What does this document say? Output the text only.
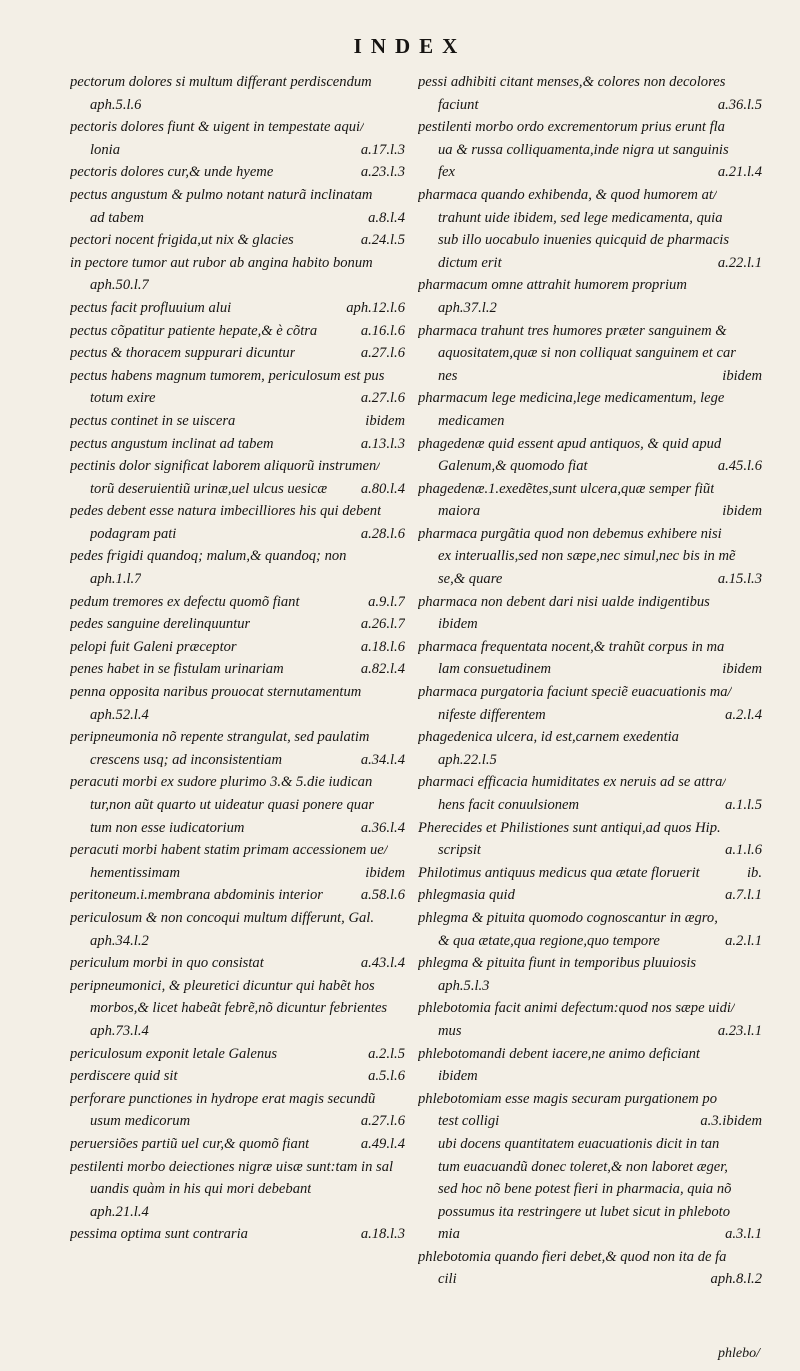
INDEX
pectorum dolores si multum differant perdiscendum
aph.5.l.6
pectoris dolores fiunt & uigent in tempestate aqui/
lonia	a.17.l.3
pectoris dolores cur,& unde hyeme	a.23.l.3
pectus angustum & pulmo notant naturã inclinatam
ad tabem	a.8.l.4
pectori nocent frigida,ut nix & glacies	a.24.l.5
in pectore tumor aut rubor ab angina habito bonum
aph.50.l.7
pectus facit profluuium alui	aph.12.l.6
pectus cõpatitur patiente hepate,& è cõtra	a.16.l.6
pectus & thoracem suppurari dicuntur	a.27.l.6
pectus habens magnum tumorem, periculosum est pus
totum exire	a.27.l.6
pectus continet in se uiscera	ibidem
pectus angustum inclinat ad tabem	a.13.l.3
pectinis dolor significat laborem aliquorũ instrumen/
torũ deseruientiũ urinæ,uel ulcus uesicæ	a.80.l.4
pedes debent esse natura imbecilliores his qui debent
podagram pati	a.28.l.6
pedes frigidi quandoq; malum,& quandoq; non
aph.1.l.7
pedum tremores ex defectu quomõ fiant	a.9.l.7
pedes sanguine derelinquuntur	a.26.l.7
pelopi fuit Galeni præceptor	a.18.l.6
penes habet in se fistulam urinariam	a.82.l.4
penna opposita naribus prouocat sternutamentum
aph.52.l.4
peripneumonia nõ repente strangulat, sed paulatim
crescens usq; ad inconsistentiam	a.34.l.4
peracuti morbi ex sudore plurimo 3.& 5.die iudican
tur,non aũt quarto ut uideatur quasi ponere quar
tum non esse iudicatorium	a.36.l.4
peracuti morbi habent statim primam accessionem ue/
hementissimam	ibidem
peritoneum.i.membrana abdominis interior	a.58.l.6
periculosum & non concoqui multum differunt, Gal.
aph.34.l.2
periculum morbi in quo consistat	a.43.l.4
peripneumonici, & pleuretici dicuntur qui habẽt hos
morbos,& licet habeãt febrẽ,nõ dicuntur febrientes
aph.73.l.4
periculosum exponit letale Galenus	a.2.l.5
perdiscere quid sit	a.5.l.6
perforare punctiones in hydrope erat magis secundũ
usum medicorum	a.27.l.6
peruersiões partiũ uel cur,& quomõ fiant	a.49.l.4
pestilenti morbo deiectiones nigræ uisæ sunt:tam in sal
uandis quàm in his qui mori debebant
aph.21.l.4
pessima optima sunt contraria	a.18.l.3
pessi adhibiti citant menses,& colores non decolores
faciunt	a.36.l.5
pestilenti morbo ordo excrementorum prius erunt fla
ua & russa colliquamenta,inde nigra ut sanguinis
fex	a.21.l.4
pharmaca quando exhibenda, & quod humorem at/
trahunt uide ibidem, sed lege medicamenta, quia
sub illo uocabulo inuenies quicquid de pharmacis
dictum erit	a.22.l.1
pharmacum omne attrahit humorem proprium
aph.37.l.2
pharmaca trahunt tres humores præter sanguinem &
aquositatem,quæ si non colliquat sanguinem et car
nes	ibidem
pharmacum lege medicina,lege medicamentum, lege
medicamen
phagedenæ quid essent apud antiquos, & quid apud
Galenum,& quomodo fiat	a.45.l.6
phagedenæ.1.exedẽtes,sunt ulcera,quæ semper fiũt
maiora	ibidem
pharmaca purgãtia quod non debemus exhibere nisi
ex interuallis,sed non sæpe,nec simul,nec bis in mẽ
se,& quare	a.15.l.3
pharmaca non debent dari nisi ualde indigentibus
ibidem
pharmaca frequentata nocent,& trahũt corpus in ma
lam consuetudinem	ibidem
pharmaca purgatoria faciunt speciẽ euacuationis ma/
nifeste differentem	a.2.l.4
phagedenica ulcera, id est,carnem exedentia
aph.22.l.5
pharmaci efficacia humiditates ex neruis ad se attra/
hens facit conuulsionem	a.1.l.5
Pherecides et Philistiones sunt antiqui,ad quos Hip.
scripsit	a.1.l.6
Philotimus antiquus medicus qua ætate floruerit	ib.
phlegmasia quid	a.7.l.1
phlegma & pituita quomodo cognoscantur in ægro,
& qua ætate,qua regione,quo tempore	a.2.l.1
phlegma & pituita fiunt in temporibus pluuiosis
aph.5.l.3
phlebotomia facit animi defectum:quod nos sæpe uidi/
mus	a.23.l.1
phlebotomandi debent iacere,ne animo deficiant
ibidem
phlebotomiam esse magis securam purgationem po
test colligi	a.3.ibidem
ubi docens quantitatem euacuationis dicit in tan
tum euacuandũ donec toleret,& non laboret æger,
sed hoc nõ bene potest fieri in pharmacia, quia nõ
possumus ita restringere ut lubet sicut in phleboto
mia	a.3.l.1
phlebotomia quando fieri debet,& quod non ita de fa
cili	aph.8.l.2
phlebo/
